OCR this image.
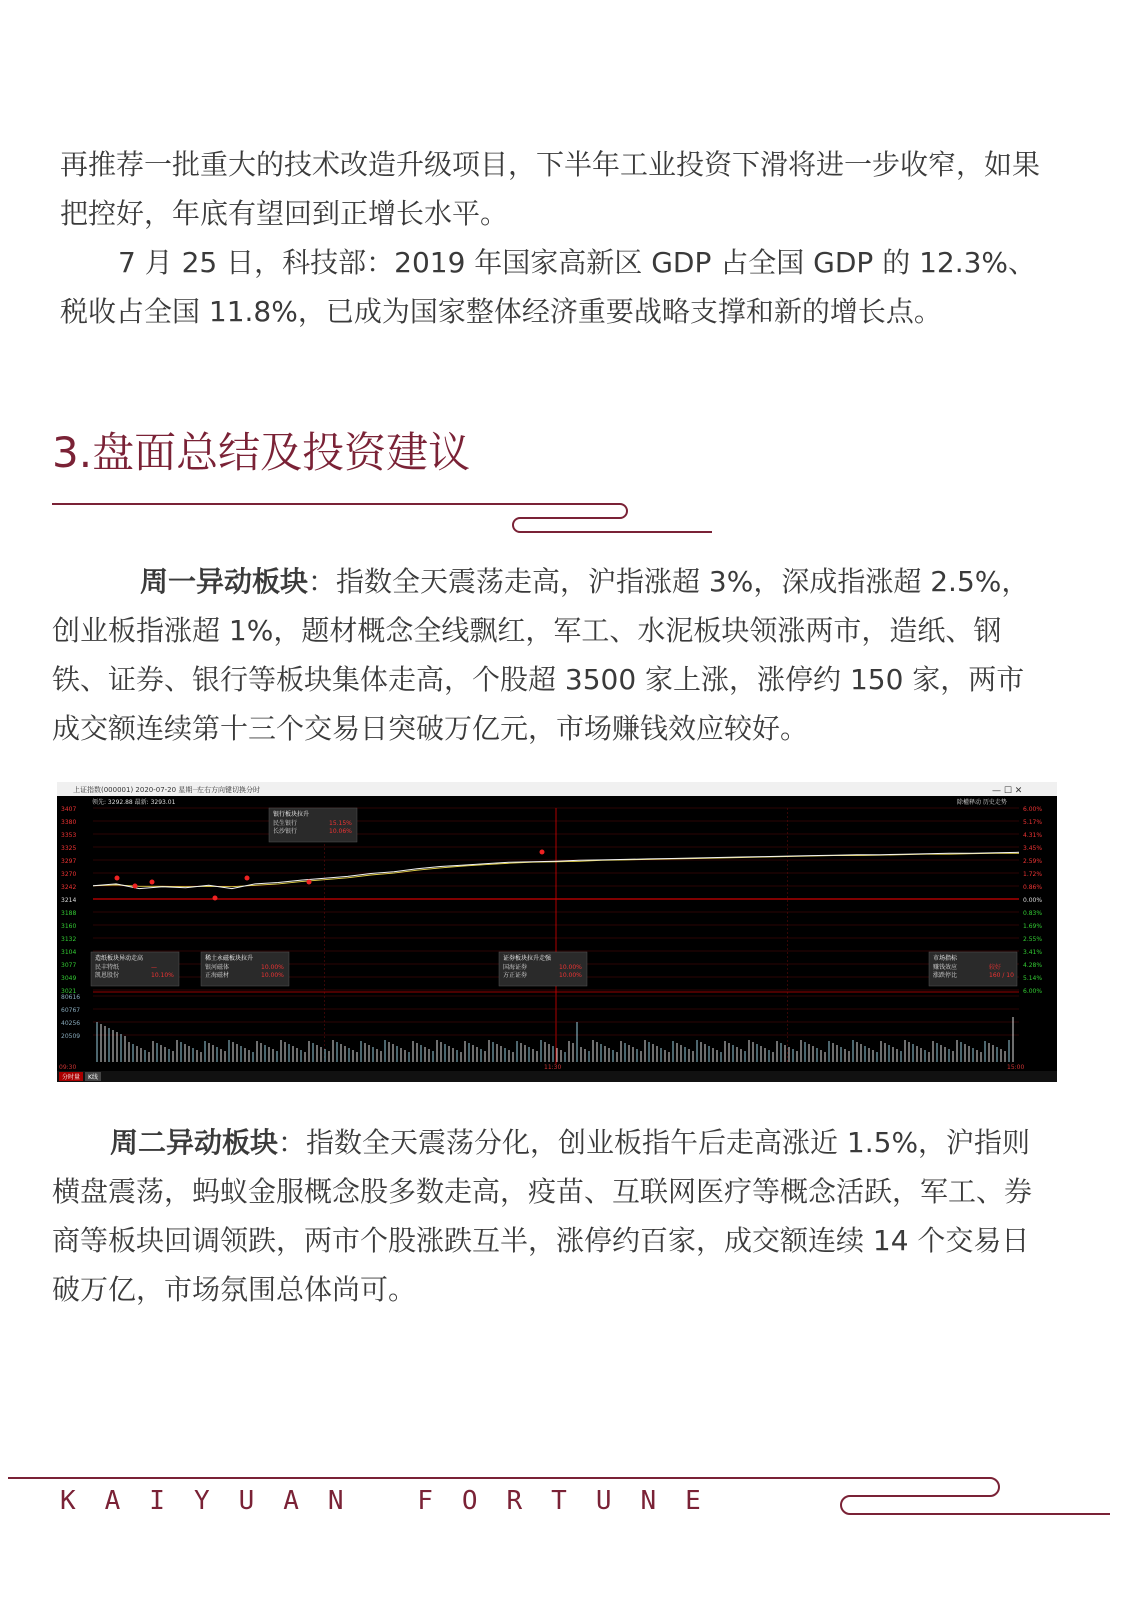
再推荐一批重大的技术改造升级项目，下半年工业投资下滑将进一步收窄，如果把控好，年底有望回到正增长水平。

7 月 25 日，科技部：2019 年国家高新区 GDP 占全国 GDP 的 12.3%、税收占全国 11.8%，已成为国家整体经济重要战略支撑和新的增长点。

3.盘面总结及投资建议

周一异动板块：指数全天震荡走高，沪指涨超 3%，深成指涨超 2.5%，创业板指涨超 1%，题材概念全线飘红，军工、水泥板块领涨两市，造纸、钢铁、证券、银行等板块集体走高，个股超 3500 家上涨，涨停约 150 家，两市成交额连续第十三个交易日突破万亿元，市场赚钱效应较好。

上证指数(000001) 2020-07-20 星期一
左右方向键切换分时	— ☐ ✕
领先: 3292.88 最新: 3293.01	除權释动 历史走势
3407	6.00%
3380	5.17%
3353	4.31%
3325	3.45%
3297	2.59%
3270	1.72%
3242	0.86%
3214	0.00%
3188	0.83%
3160	1.69%
3132	2.55%
3104	3.41%
3077	4.28%
3049	5.14%
3021	6.00%
80616
60767
40256
20509
09:30	11:30	15:00
分时量 K线
银行板块拉升
民生银行	15.15%
长沙银行	10.06%
造纸板块异动走高
民丰特纸	—
凯恩股份	10.10%
稀土永磁板块拉升
银河磁体	10.00%
正海磁材	10.00%
证券板块拉升走强
国海证券	10.00%
方正证券	10.00%
市场指标
赚钱效应	较好
涨跌停比	160 / 10

周二异动板块：指数全天震荡分化，创业板指午后走高涨近 1.5%，沪指则横盘震荡，蚂蚁金服概念股多数走高，疫苗、互联网医疗等概念活跃，军工、券商等板块回调领跌，两市个股涨跌互半，涨停约百家，成交额连续 14 个交易日破万亿，市场氛围总体尚可。

KAIYUAN FORTUNE
